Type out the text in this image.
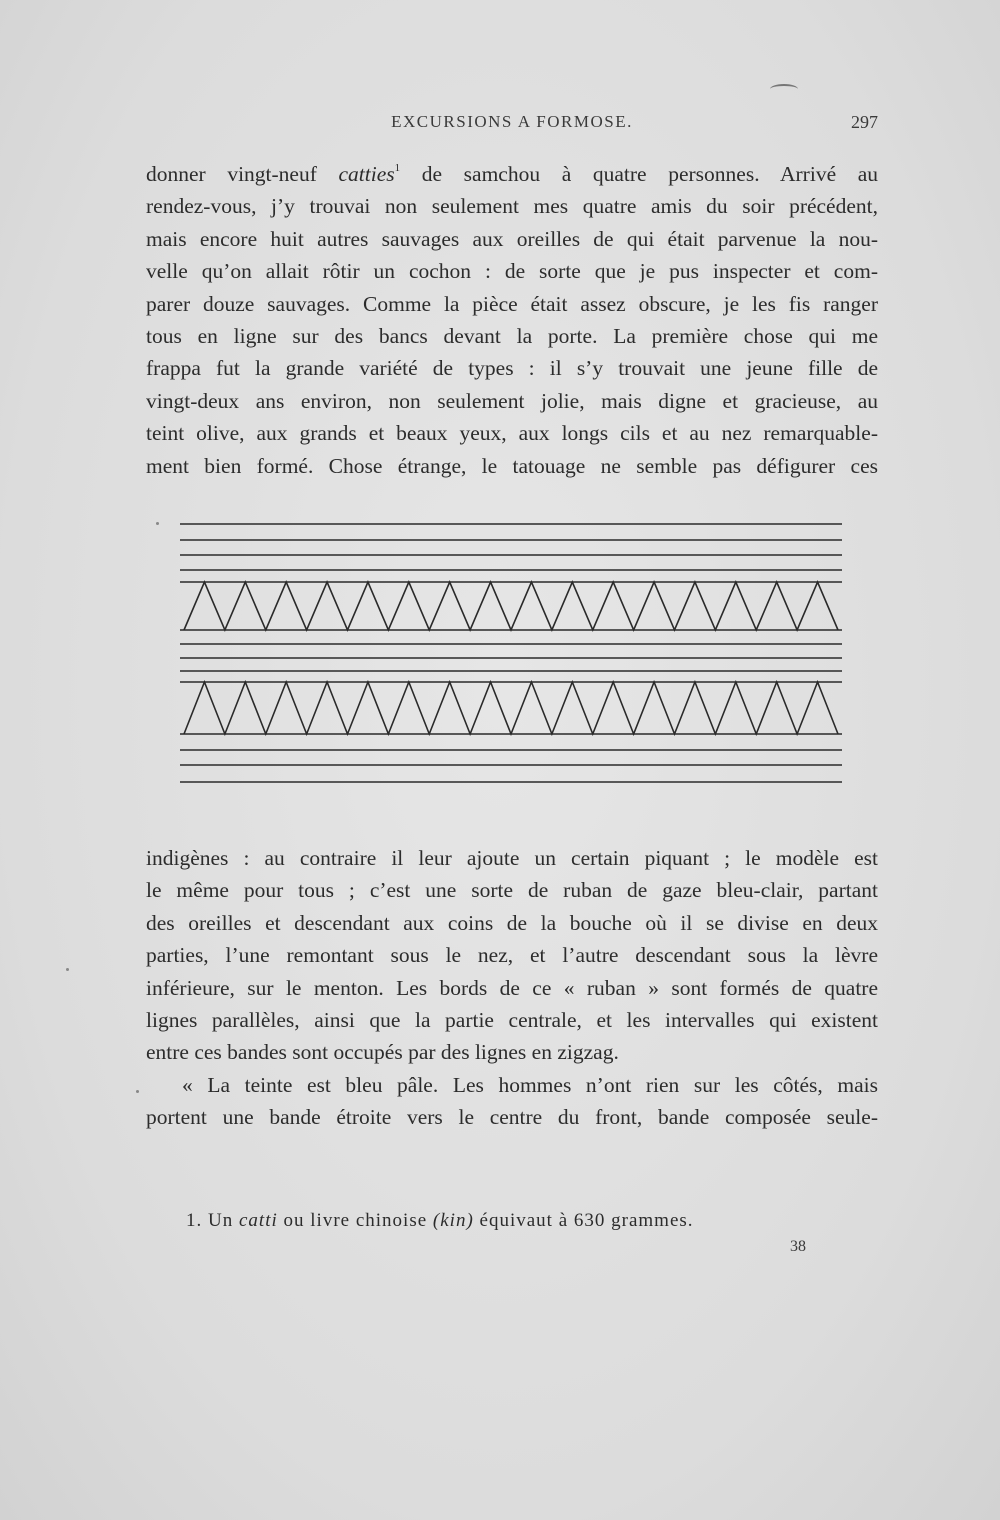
EXCURSIONS A FORMOSE.	297
donner vingt-neuf catties$^1$ de samchou à quatre personnes. Arrivé au
rendez-vous, j’y trouvai non seulement mes quatre amis du soir précédent,
mais encore huit autres sauvages aux oreilles de qui était parvenue la nou-
velle qu’on allait rôtir un cochon : de sorte que je pus inspecter et com-
parer douze sauvages. Comme la pièce était assez obscure, je les fis ranger
tous en ligne sur des bancs devant la porte. La première chose qui me
frappa fut la grande variété de types : il s’y trouvait une jeune fille de
vingt-deux ans environ, non seulement jolie, mais digne et gracieuse, au
teint olive, aux grands et beaux yeux, aux longs cils et au nez remarquable-
ment bien formé. Chose étrange, le tatouage ne semble pas défigurer ces
indigènes : au contraire il leur ajoute un certain piquant ; le modèle est
le même pour tous ; c’est une sorte de ruban de gaze bleu-clair, partant
des oreilles et descendant aux coins de la bouche où il se divise en deux
parties, l’une remontant sous le nez, et l’autre descendant sous la lèvre
inférieure, sur le menton. Les bords de ce « ruban » sont formés de quatre
lignes parallèles, ainsi que la partie centrale, et les intervalles qui existent
entre ces bandes sont occupés par des lignes en zigzag.
« La teinte est bleu pâle. Les hommes n’ont rien sur les côtés, mais
portent une bande étroite vers le centre du front, bande composée seule-
1. Un catti ou livre chinoise (kin) équivaut à 630 grammes.
38
